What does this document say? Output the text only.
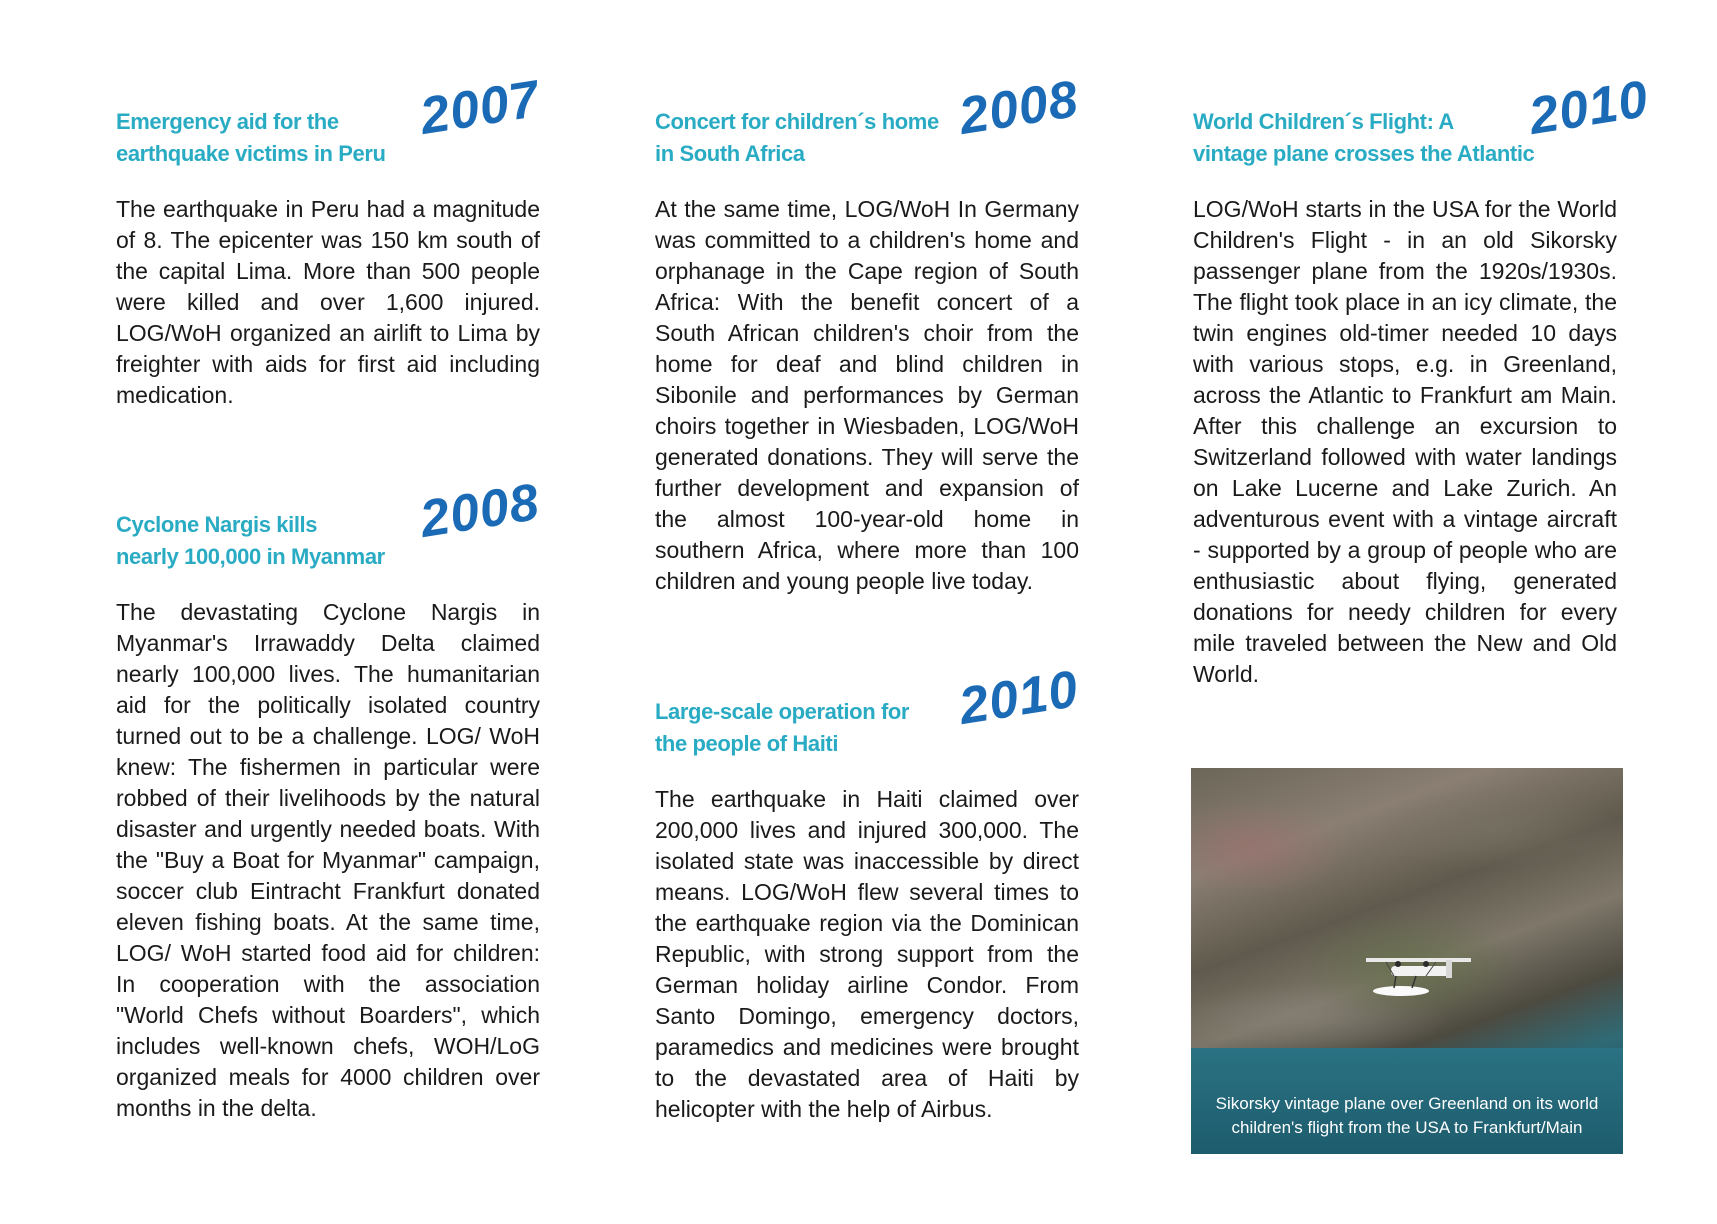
Emergency aid for the
earthquake victims in Peru
2007

The earthquake in Peru had a magnitude of 8. The epicenter was 150 km south of the capital Lima. More than 500 people were killed and over 1,600 injured. LOG/WoH organized an airlift to Lima by freighter with aids for first aid including medication.

Cyclone Nargis kills
nearly 100,000 in Myanmar
2008

The devastating Cyclone Nargis in Myanmar's Irrawaddy Delta claimed nearly 100,000 lives. The humanitarian aid for the politically isolated country turned out to be a challenge. LOG/ WoH knew: The fishermen in particular were robbed of their livelihoods by the natural disaster and urgently needed boats. With the "Buy a Boat for Myanmar" campaign, soccer club Eintracht Frankfurt donated eleven fishing boats. At the same time, LOG/ WoH started food aid for children: In cooperation with the association "World Chefs without Boarders", which includes well-known chefs, WOH/LoG organized meals for 4000 children over months in the delta.

Concert for children´s home
in South Africa
2008

At the same time, LOG/WoH In Germany was committed to a children's home and orphanage in the Cape region of South Africa: With the benefit concert of a South African children's choir from the home for deaf and blind children in Sibonile and performances by German choirs together in Wiesbaden, LOG/WoH generated donations. They will serve the further development and expansion of the almost 100-year-old home in southern Africa, where more than 100 children and young people live today.

Large-scale operation for
the people of Haiti
2010

The earthquake in Haiti claimed over 200,000 lives and injured 300,000. The isolated state was inaccessible by direct means. LOG/WoH flew several times to the earthquake region via the Dominican Republic, with strong support from the German holiday airline Condor. From Santo Domingo, emergency doctors, paramedics and medicines were brought to the devastated area of Haiti by helicopter with the help of Airbus.

World Children´s Flight: A
vintage plane crosses the Atlantic
2010

LOG/WoH starts in the USA for the World Children's Flight - in an old Sikorsky passenger plane from the 1920s/1930s. The flight took place in an icy climate, the twin engines old-timer needed 10 days with various stops, e.g. in Greenland, across the Atlantic to Frankfurt am Main. After this challenge an excursion to Switzerland followed with water landings on Lake Lucerne and Lake Zurich. An adventurous event with a vintage aircraft - supported by a group of people who are enthusiastic about flying, generated donations for needy children for every mile traveled between the New and Old World.

Sikorsky vintage plane over Greenland on its world
children's flight from the USA to Frankfurt/Main
